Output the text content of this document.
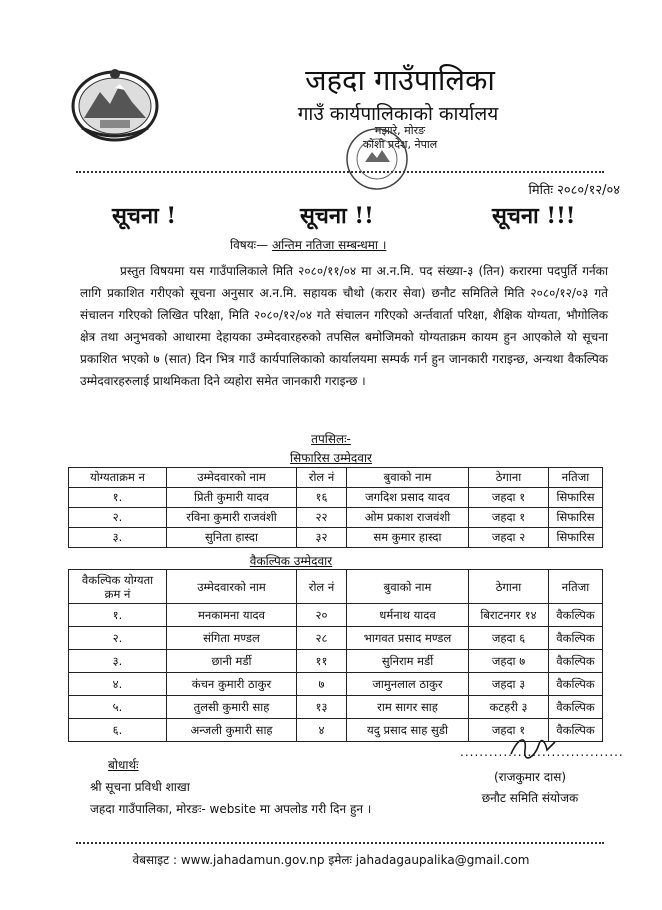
जहदा गाउँपालिका
गाउँ कार्यपालिकाको कार्यालय
मझारे, मोरङ
कोशी प्रदेश, नेपाल
मितिः २०८०/१२/०४
सूचना !	सूचना !!	सूचना !!!
विषयः— अन्तिम नतिजा सम्बन्धमा ।
प्रस्तुत विषयमा यस गाउँपालिकाले मिति २०८०/११/०४ मा अ.न.मि. पद संख्या-३ (तिन) करारमा पदपुर्ति गर्नका लागि प्रकाशित गरीएको सूचना अनुसार अ.न.मि. सहायक चौथो (करार सेवा) छनौट समितिले मिति २०८०/१२/०३ गते संचालन गरिएको लिखित परिक्षा, मिति २०८०/१२/०४ गते संचालन गरिएको अर्न्तवार्ता परिक्षा, शैक्षिक योग्यता, भौगोलिक क्षेत्र तथा अनुभवको आधारमा देहायका उम्मेदवारहरुको तपसिल बमोजिमको योग्यताक्रम कायम हुन आएकोले यो सूचना प्रकाशित भएको ७ (सात) दिन भित्र गाउँ कार्यपालिकाको कार्यालयमा सम्पर्क गर्न हुन जानकारी गराइन्छ, अन्यथा वैकल्पिक उम्मेदवारहरुलाई प्राथमिकता दिने व्यहोरा समेत जानकारी गराइन्छ ।
तपसिलः-
सिफारिस उम्मेदवार
योग्यताक्रम न	उम्मेदवारको नाम	रोल नं	बुवाको नाम	ठेगाना	नतिजा
१.	प्रिती कुमारी यादव	१६	जगदिश प्रसाद यादव	जहदा १	सिफारिस
२.	रविना कुमारी राजवंशी	२२	ओम प्रकाश राजवंशी	जहदा १	सिफारिस
३.	सुनिता हास्दा	३२	सम कुमार हास्दा	जहदा २	सिफारिस
वैकल्पिक उम्मेदवार
वैकल्पिक योग्यता क्रम नं	उम्मेदवारको नाम	रोल नं	बुवाको नाम	ठेगाना	नतिजा
१.	मनकामना यादव	२०	धर्मनाथ यादव	बिराटनगर १४	वैकल्पिक
२.	संगिता मण्डल	२८	भागवत प्रसाद मण्डल	जहदा ६	वैकल्पिक
३.	छानी मर्डी	११	सुनिराम मर्डी	जहदा ७	वैकल्पिक
४.	कंचन कुमारी ठाकुर	७	जामुनलाल ठाकुर	जहदा ३	वैकल्पिक
५.	तुलसी कुमारी साह	१३	राम सागर साह	कटहरी ३	वैकल्पिक
६.	अन्जली कुमारी साह	४	यदु प्रसाद साह सुडी	जहदा १	वैकल्पिक
बोधार्थः
श्री सूचना प्रविधी शाखा
जहदा गाउँपालिका, मोरङः- website मा अपलोड गरी दिन हुन ।
..................................
(राजकुमार दास)
छनौट समिति संयोजक
वेबसाइट : www.jahadamun.gov.np इमेलः jahadagaupalika@gmail.com
